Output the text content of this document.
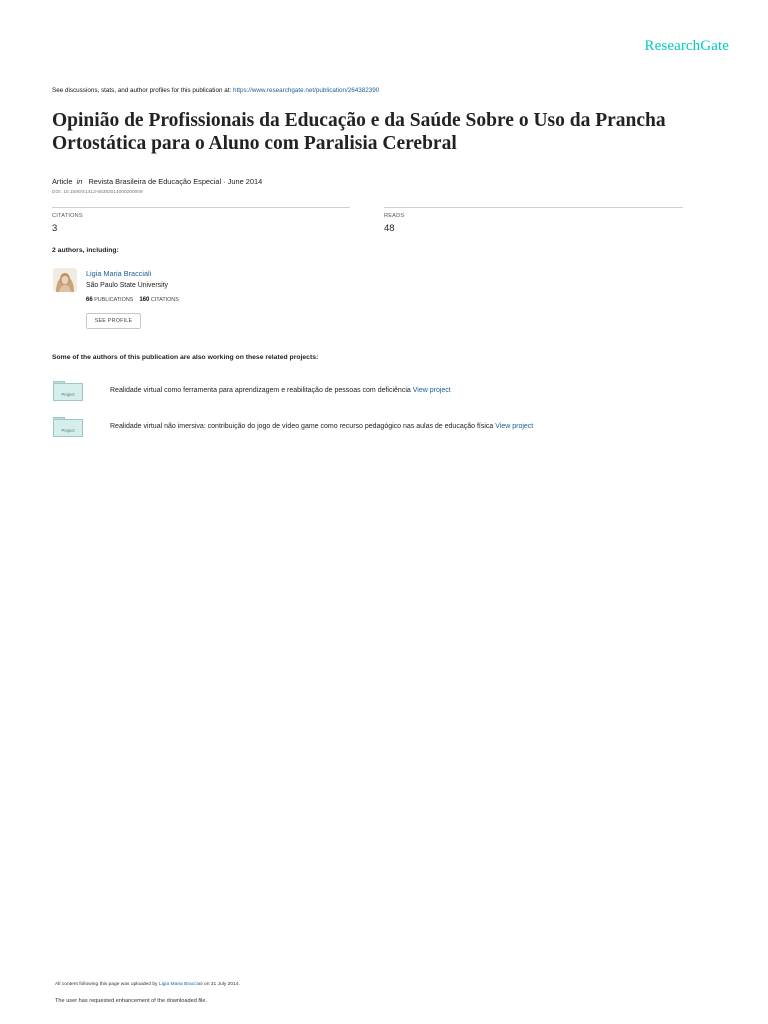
ResearchGate
See discussions, stats, and author profiles for this publication at: https://www.researchgate.net/publication/264382390
Opinião de Profissionais da Educação e da Saúde Sobre o Uso da Prancha Ortostática para o Aluno com Paralisia Cerebral
Article in Revista Brasileira de Educação Especial · June 2014
DOI: 10.1590/S1413-65382014000200009
CITATIONS
3
READS
48
2 authors, including:
Ligia Maria Bracciali
São Paulo State University
66 PUBLICATIONS 160 CITATIONS
SEE PROFILE
Some of the authors of this publication are also working on these related projects:
Project
Realidade virtual como ferramenta para aprendizagem e reabilitação de pessoas com deficiência View project
Project
Realidade virtual não imersiva: contribuição do jogo de vídeo game como recurso pedagógico nas aulas de educação física View project
All content following this page was uploaded by Ligia Maria Bracciali on 31 July 2014.
The user has requested enhancement of the downloaded file.
